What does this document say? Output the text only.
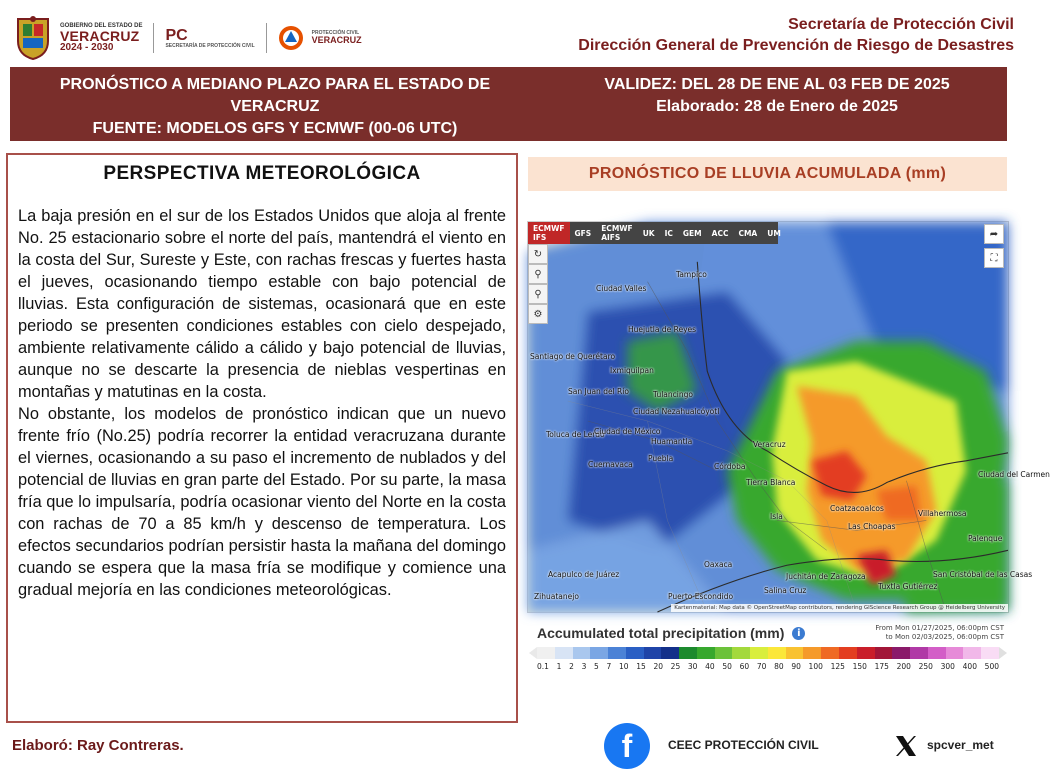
GOBIERNO DEL ESTADO DE
VERACRUZ
2024 - 2030
PC
SECRETARÍA DE PROTECCIÓN CIVIL
PROTECCIÓN CIVIL
VERACRUZ
Secretaría de Protección Civil
Dirección General de Prevención de Riesgo de Desastres
PRONÓSTICO A MEDIANO PLAZO PARA EL ESTADO DE VERACRUZ
FUENTE: MODELOS GFS Y ECMWF (00-06 UTC)
VALIDEZ: DEL 28 DE ENE AL 03 FEB DE 2025
Elaborado: 28 de Enero de 2025
PERSPECTIVA METEOROLÓGICA

La baja presión en el sur de los Estados Unidos que aloja al frente No. 25 estacionario sobre el norte del país, mantendrá el viento en la costa del Sur, Sureste y Este, con rachas frescas y fuertes hasta el jueves, ocasionando tiempo estable con bajo potencial de lluvias. Esta configuración de sistemas, ocasionará que en este periodo se presenten condiciones estables con cielo despejado, ambiente relativamente cálido a cálido y bajo potencial de lluvias, aunque no se descarte la presencia de nieblas vespertinas en montañas y matutinas en la costa.

No obstante, los modelos de pronóstico indican que un nuevo frente frío (No.25) podría recorrer la entidad veracruzana durante el viernes, ocasionando a su paso el incremento de nublados y del potencial de lluvias en gran parte del Estado. Por su parte, la masa fría que lo impulsaría, podría ocasionar viento del Norte en la costa con rachas de 70 a 85 km/h y descenso de temperatura. Los efectos secundarios podrían persistir hasta la mañana del domingo cuando se espera que la masa fría se modifique y comience una gradual mejoría en las condiciones meteorológicas.

PRONÓSTICO DE LLUVIA ACUMULADA (mm)
ECMWF IFS	GFS	ECMWF AIFS	UK	IC	GEM	ACC	CMA	UM
↻
⚲
⚲
⚙
➦
⛶
Tampico
Ciudad Valles
Huejutla de Reyes
Santiago de Querétaro
Ixmiquilpan
San Juan del Río	Tulancingo
Ciudad Nezahualcóyotl
Toluca de Lerdo
Ciudad de México
Huamantla
Puebla
Cuernavaca
Veracruz
Córdoba
Tierra Blanca
Isla
Coatzacoalcos
Villahermosa
Las Choapas
Oaxaca
Acapulco de Juárez
Tuxtla Gutiérrez
San Cristóbal de las Casas
Palenque
Ciudad del Carmen
Juchitán de Zaragoza
Salina Cruz
Puerto Escondido
Zihuatanejo
Kartenmaterial: Map data © OpenStreetMap contributors, rendering GIScience Research Group @ Heidelberg University
Accumulated total precipitation (mm)	i	From Mon 01/27/2025, 06:00pm CST
to Mon 02/03/2025, 06:00pm CST
0.1 1 2 3 5 7 10 15 20 25 30 40 50 60 70 80 90 100 125 150 175 200 250 300 400 500
Elaboró: Ray Contreras.	f	CEEC PROTECCIÓN CIVIL	spcver_met
